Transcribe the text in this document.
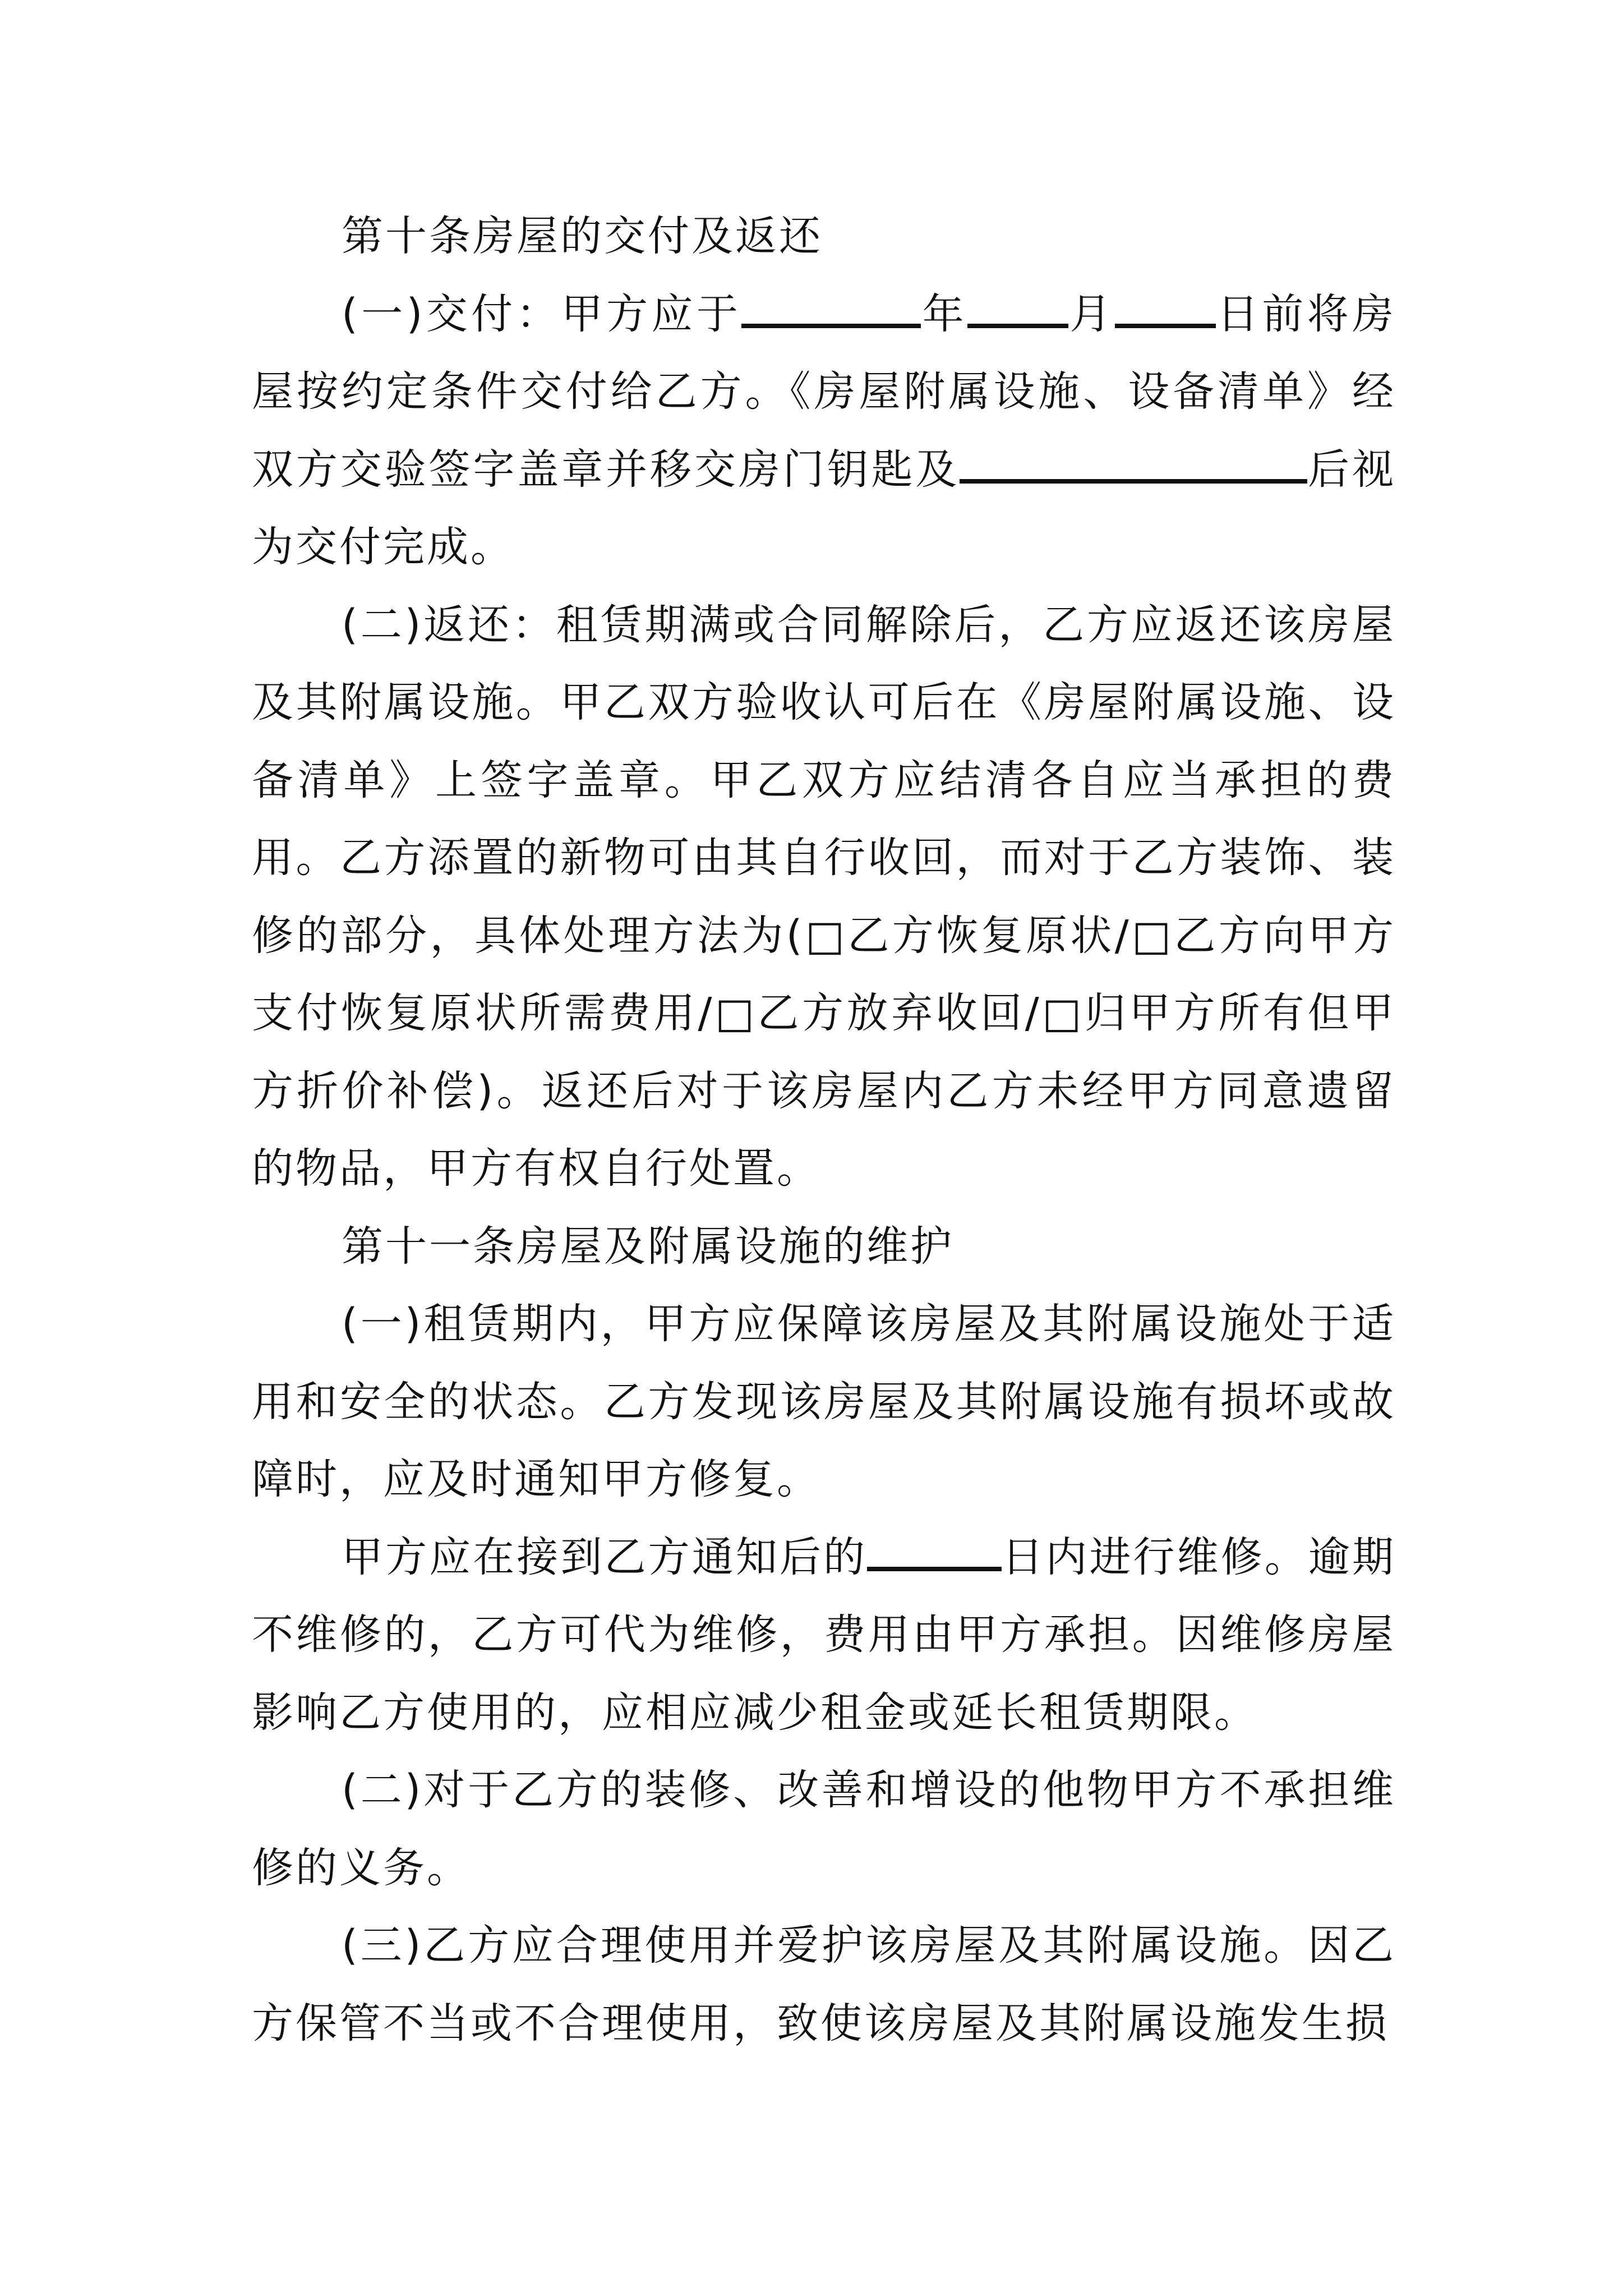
第十条房屋的交付及返还

(一)交付：甲方应于	年 月 日前将房屋按约定条件交付给乙方。《房屋附属设施、设备清单》经双方交验签字盖章并移交房门钥匙及	后视为交付完成。

(二)返还：租赁期满或合同解除后，乙方应返还该房屋及其附属设施。甲乙双方验收认可后在《房屋附属设施、设备清单》上签字盖章。甲乙双方应结清各自应当承担的费用。乙方添置的新物可由其自行收回，而对于乙方装饰、装修的部分，具体处理方法为(□乙方恢复原状/□乙方向甲方支付恢复原状所需费用/□乙方放弃收回/□归甲方所有但甲方折价补偿)。返还后对于该房屋内乙方未经甲方同意遗留的物品，甲方有权自行处置。

第十一条房屋及附属设施的维护

(一)租赁期内，甲方应保障该房屋及其附属设施处于适用和安全的状态。乙方发现该房屋及其附属设施有损坏或故障时，应及时通知甲方修复。

甲方应在接到乙方通知后的	日内进行维修。逾期不维修的，乙方可代为维修，费用由甲方承担。因维修房屋影响乙方使用的，应相应减少租金或延长租赁期限。

(二)对于乙方的装修、改善和增设的他物甲方不承担维修的义务。

(三)乙方应合理使用并爱护该房屋及其附属设施。因乙方保管不当或不合理使用，致使该房屋及其附属设施发生损
